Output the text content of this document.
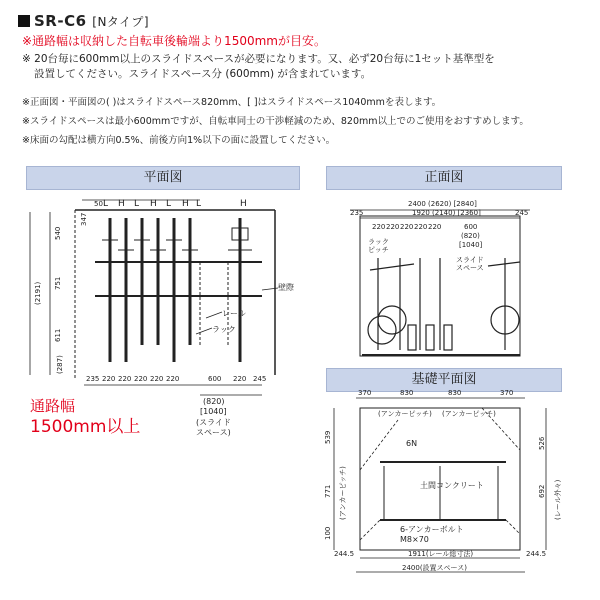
SR-C6 [Nタイプ]
※通路幅は収納した自転車後輪端より1500mmが目安。
※ 20台毎に600mm以上のスライドスペースが必要になります。又、必ず20台毎に1セット基準型を
設置してください。スライドスペース分 (600mm) が含まれています。
※正面図・平面図の( )はスライドスペース820mm、[ ]はスライドスペース1040mmを表します。
※スライドスペースは最小600mmですが、自転車同士の干渉軽減のため、820mm以上でのご使用をおすすめします。
※床面の勾配は横方向0.5%、前後方向1%以下の面に設置してください。
平面図	正面図
基礎平面図
L H L H L H L	H
50
347
540
751
611
(2191)
(287)
235 220 220 220 220 220	600 220 245
(820)
[1040]
(スライド
スペース)
レール
ラック
壁際
2400 (2620) [2840]
1920 (2140) [2360]
235	245
220 220 220 220 220	600
(820)
[1040]
ラック
ピッチ
スライド
スペース
370	830	830	370
(アンカーピッチ) (アンカーピッチ)
539
771
100
(アンカーピッチ)
526
692 (レール外々)
244.5	244.5
1911(レール総寸法)
2400(設置スペース)
6N
土間コンクリート
6-アンカーボルト
M8×70
通路幅
1500mm以上
